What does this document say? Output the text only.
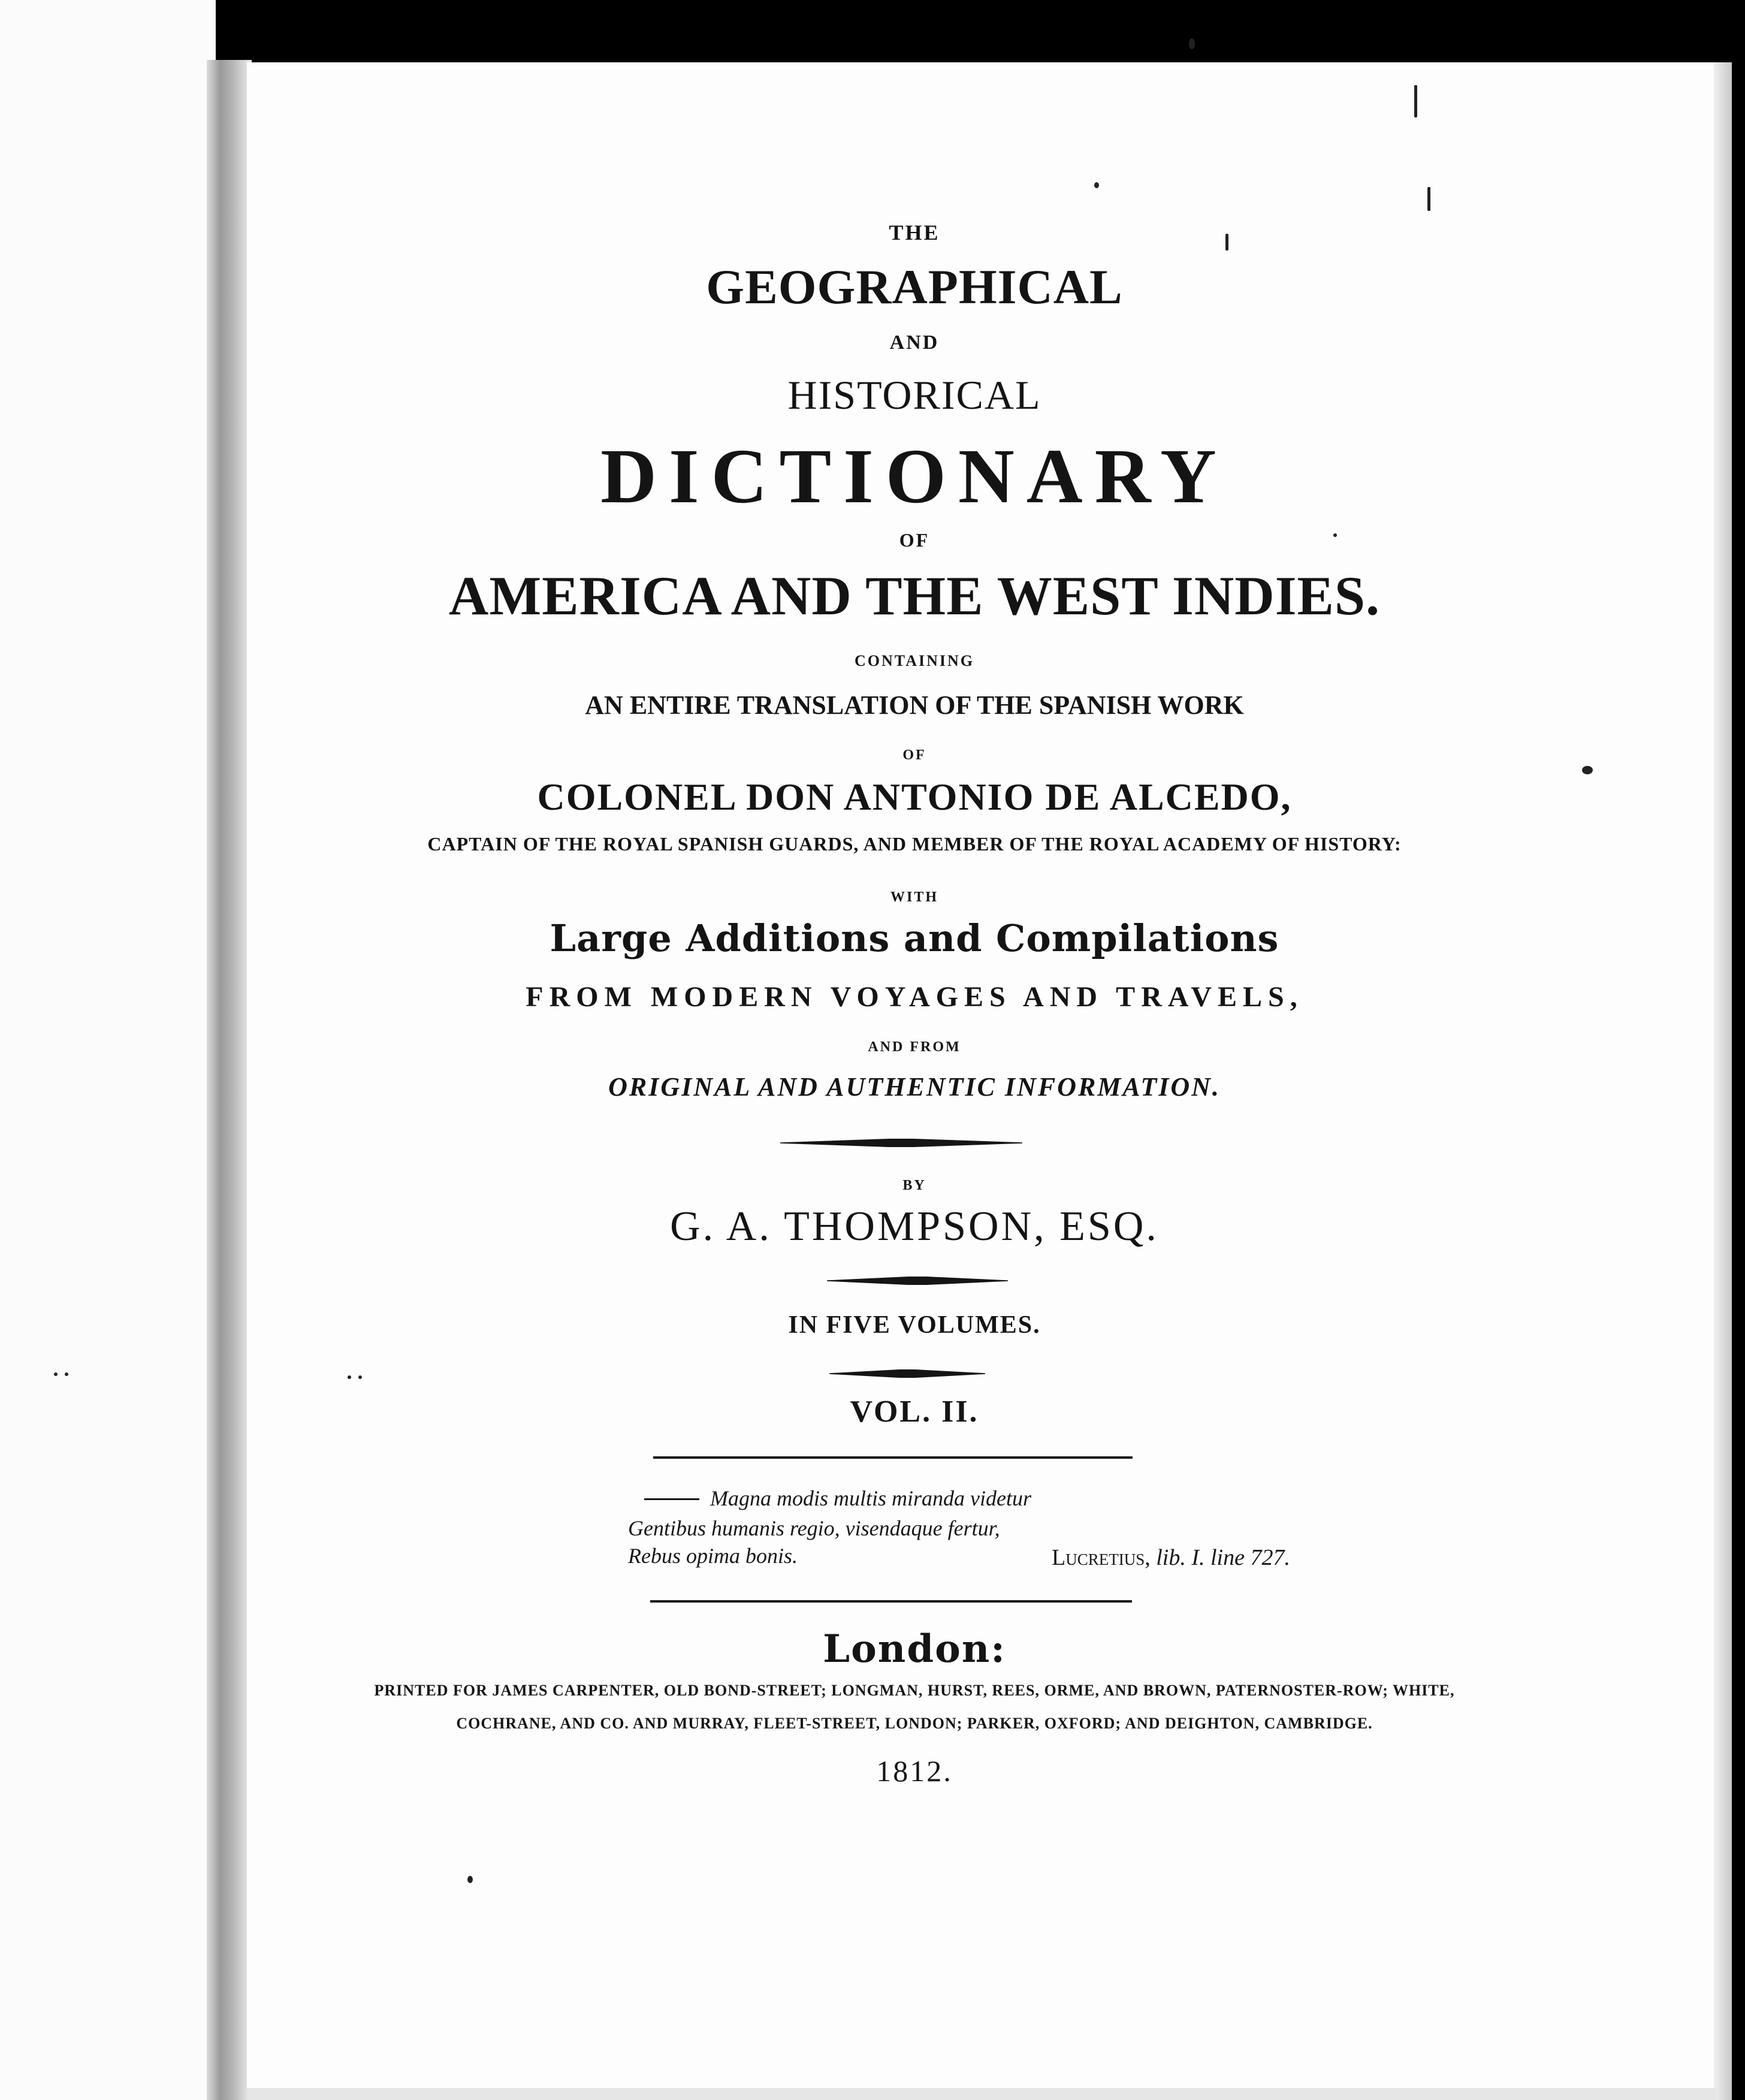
THE
GEOGRAPHICAL
AND
HISTORICAL
DICTIONARY
OF
AMERICA AND THE WEST INDIES.
CONTAINING
AN ENTIRE TRANSLATION OF THE SPANISH WORK
OF
COLONEL DON ANTONIO DE ALCEDO,
CAPTAIN OF THE ROYAL SPANISH GUARDS, AND MEMBER OF THE ROYAL ACADEMY OF HISTORY:
WITH
Large Additions and Compilations
FROM MODERN VOYAGES AND TRAVELS,
AND FROM
ORIGINAL AND AUTHENTIC INFORMATION.
BY
G. A. THOMPSON, ESQ.
IN FIVE VOLUMES.
VOL. II.
Magna modis multis miranda videtur
Gentibus humanis regio, visendaque fertur,
Rebus opima bonis.	Lucretius, lib. I. line 727.
London:
PRINTED FOR JAMES CARPENTER, OLD BOND-STREET; LONGMAN, HURST, REES, ORME, AND BROWN, PATERNOSTER-ROW; WHITE,
COCHRANE, AND CO. AND MURRAY, FLEET-STREET, LONDON; PARKER, OXFORD; AND DEIGHTON, CAMBRIDGE.
1812.
